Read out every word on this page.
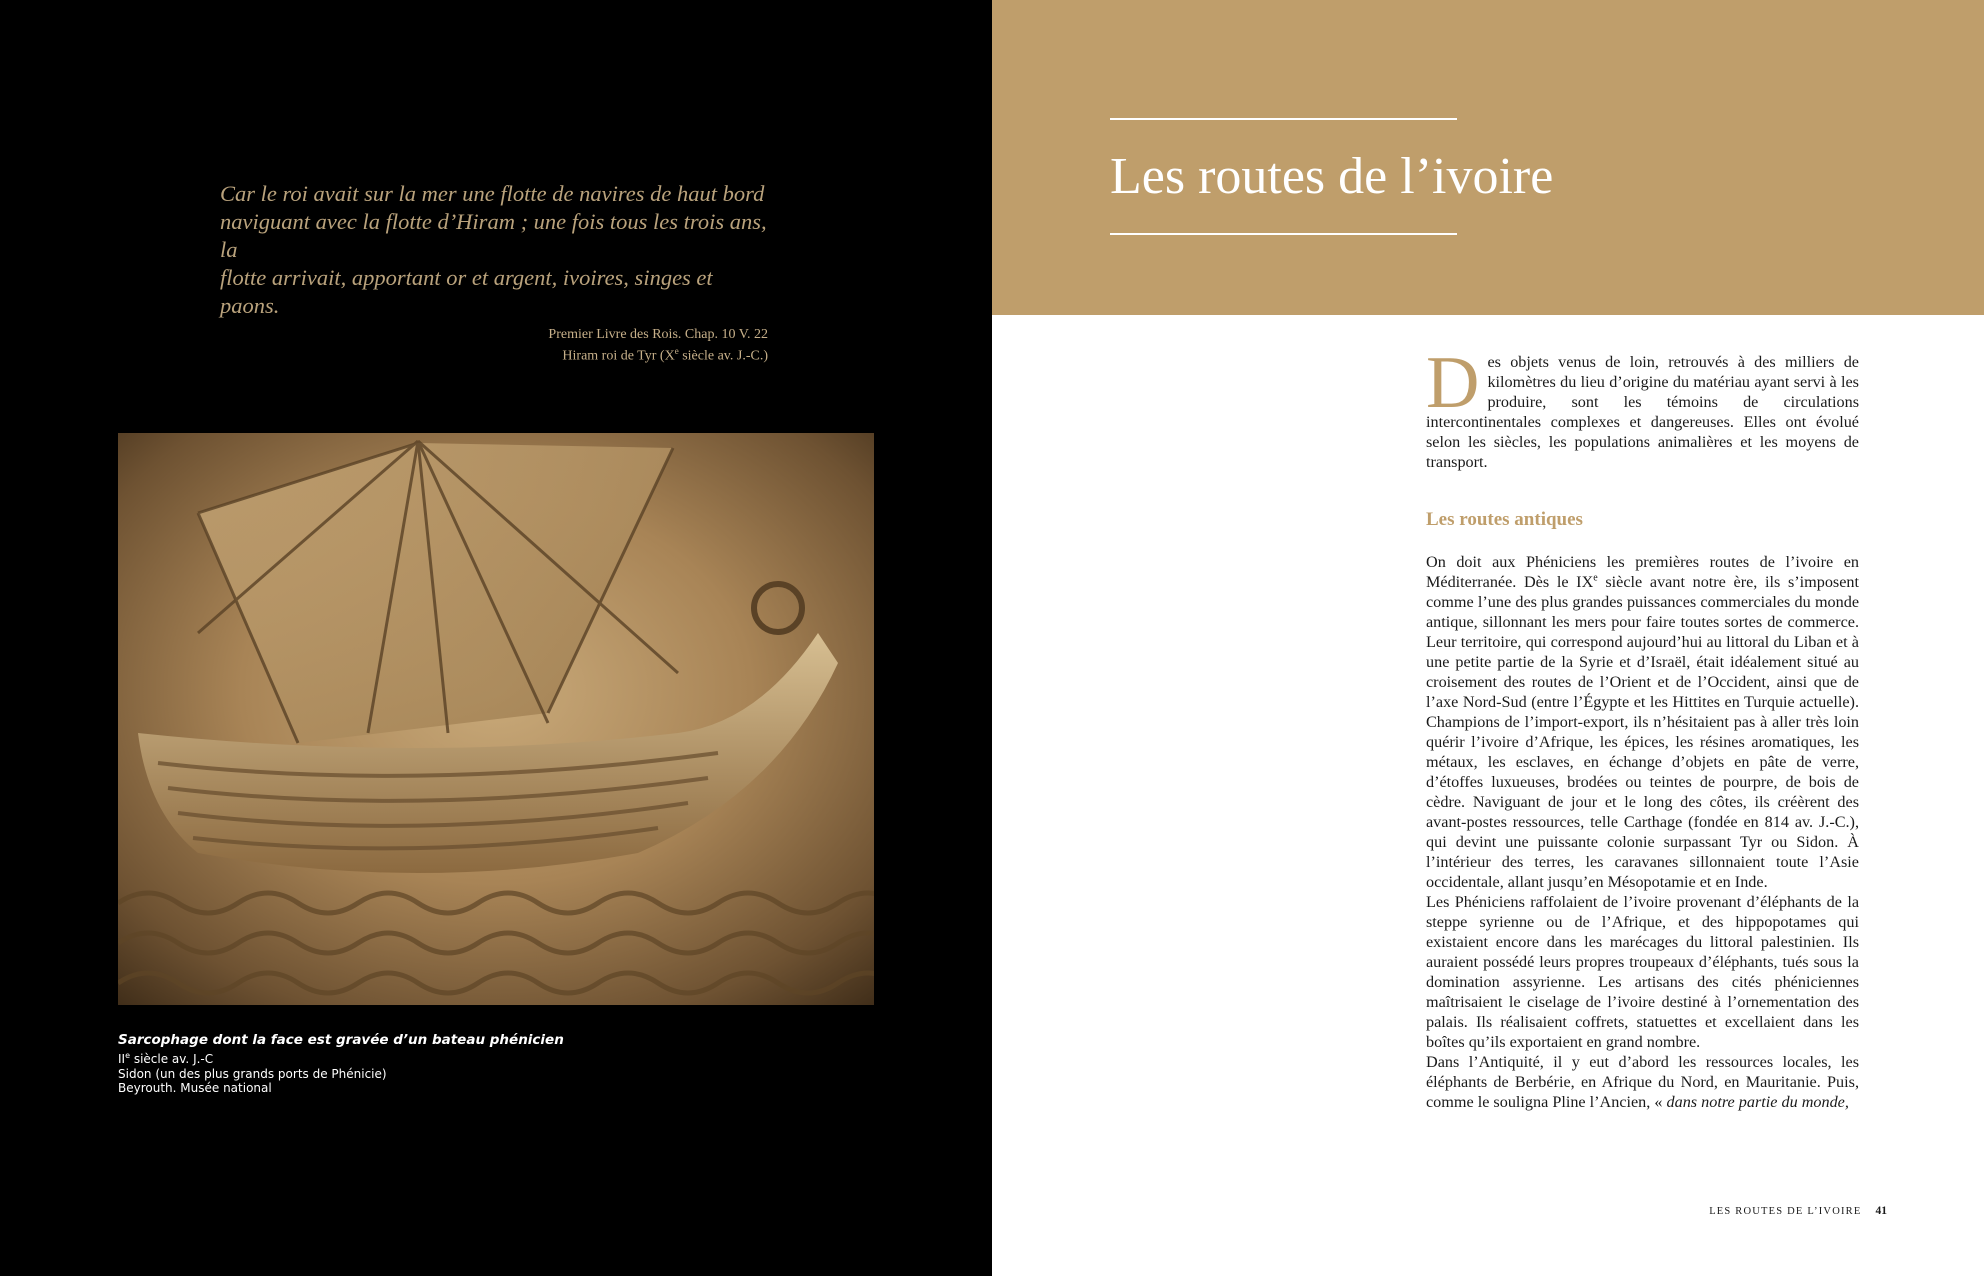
Car le roi avait sur la mer une flotte de navires de haut bord
naviguant avec la flotte d’Hiram ; une fois tous les trois ans, la
flotte arrivait, apportant or et argent, ivoires, singes et paons.

Premier Livre des Rois. Chap. 10 V. 22
Hiram roi de Tyr (Xe siècle av. J.-C.)
Sarcophage dont la face est gravée d’un bateau phénicien
IIe siècle av. J.-C
Sidon (un des plus grands ports de Phénicie)
Beyrouth. Musée national
Les routes de l’ivoire

Des objets venus de loin, retrouvés à des milliers de kilomètres du lieu d’origine du matériau ayant servi à les produire, sont les témoins de circulations intercontinentales complexes et dangereuses. Elles ont évolué selon les siècles, les populations animalières et les moyens de transport.

Les routes antiques

On doit aux Phéniciens les premières routes de l’ivoire en Méditerranée. Dès le IXe siècle avant notre ère, ils s’imposent comme l’une des plus grandes puissances commerciales du monde antique, sillonnant les mers pour faire toutes sortes de commerce. Leur territoire, qui correspond aujourd’hui au littoral du Liban et à une petite partie de la Syrie et d’Israël, était idéalement situé au croisement des routes de l’Orient et de l’Occident, ainsi que de l’axe Nord-Sud (entre l’Égypte et les Hittites en Turquie actuelle). Champions de l’import-export, ils n’hésitaient pas à aller très loin quérir l’ivoire d’Afrique, les épices, les résines aromatiques, les métaux, les esclaves, en échange d’objets en pâte de verre, d’étoffes luxueuses, brodées ou teintes de pourpre, de bois de cèdre. Naviguant de jour et le long des côtes, ils créèrent des avant-postes ressources, telle Carthage (fondée en 814 av. J.-C.), qui devint une puissante colonie surpassant Tyr ou Sidon. À l’intérieur des terres, les caravanes sillonnaient toute l’Asie occidentale, allant jusqu’en Mésopotamie et en Inde.

Les Phéniciens raffolaient de l’ivoire provenant d’éléphants de la steppe syrienne ou de l’Afrique, et des hippopotames qui existaient encore dans les marécages du littoral palestinien. Ils auraient possédé leurs propres troupeaux d’éléphants, tués sous la domination assyrienne. Les artisans des cités phéniciennes maîtrisaient le ciselage de l’ivoire destiné à l’ornementation des palais. Ils réalisaient coffrets, statuettes et excellaient dans les boîtes qu’ils exportaient en grand nombre.

Dans l’Antiquité, il y eut d’abord les ressources locales, les éléphants de Berbérie, en Afrique du Nord, en Mauritanie. Puis, comme le souligna Pline l’Ancien, « dans notre partie du monde,

LES ROUTES DE L’IVOIRE 41
